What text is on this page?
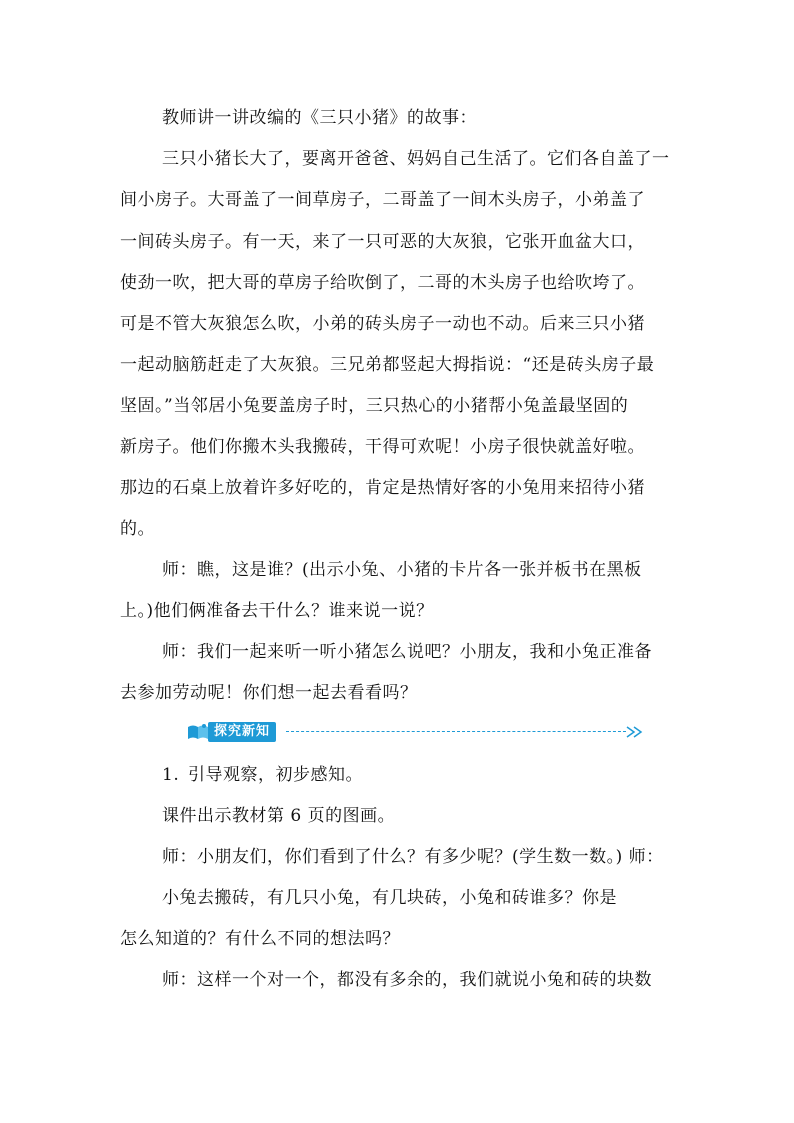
教师讲一讲改编的《三只小猪》的故事：
三只小猪长大了，要离开爸爸、妈妈自己生活了。它们各自盖了一
间小房子。大哥盖了一间草房子，二哥盖了一间木头房子，小弟盖了
一间砖头房子。有一天，来了一只可恶的大灰狼，它张开血盆大口，
使劲一吹，把大哥的草房子给吹倒了，二哥的木头房子也给吹垮了。
可是不管大灰狼怎么吹，小弟的砖头房子一动也不动。后来三只小猪
一起动脑筋赶走了大灰狼。三兄弟都竖起大拇指说：“还是砖头房子最
坚固。”当邻居小兔要盖房子时，三只热心的小猪帮小兔盖最坚固的
新房子。他们你搬木头我搬砖，干得可欢呢！小房子很快就盖好啦。
那边的石桌上放着许多好吃的，肯定是热情好客的小兔用来招待小猪
的。
师：瞧，这是谁？(出示小兔、小猪的卡片各一张并板书在黑板
上。)他们俩准备去干什么？谁来说一说？
师：我们一起来听一听小猪怎么说吧？小朋友，我和小兔正准备
去参加劳动呢！你们想一起去看看吗？
探究新知
1. 引导观察，初步感知。
课件出示教材第 6 页的图画。
师：小朋友们，你们看到了什么？有多少呢？(学生数一数。) 师：
小兔去搬砖，有几只小兔，有几块砖，小兔和砖谁多？你是
怎么知道的？有什么不同的想法吗？
师：这样一个对一个，都没有多余的，我们就说小兔和砖的块数
